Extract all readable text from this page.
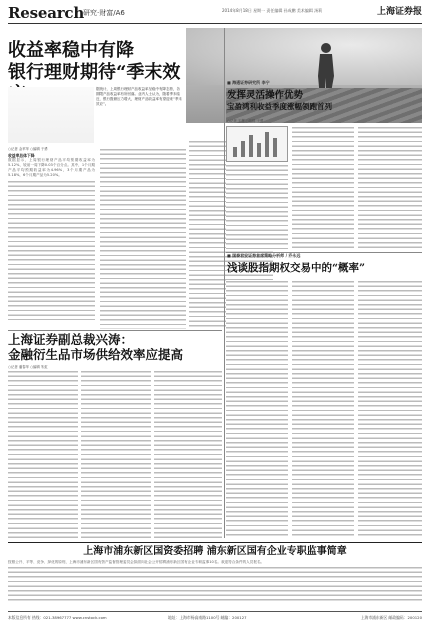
Research
研究·财富/A6	2014年8月18日 星期一 责任编辑 孙成鹏 美术编辑 汤莉	上海证券报
收益率稳中有降
银行理财期待“季末效
据统计，上周银行理财产品收益率呈稳中有降态势，各期限产品收益率有所回落。业内人士认为，随着季末临近，银行揽储压力增大，理财产品收益率有望迎来“季末效应”。
○记者 金苹苹 ○编辑 于勇
收益率总体下降
数据显示，上周银行理财产品平均预期收益率为5.12%，较前一周下降0.03个百分点。其中，1个月期产品平均预期收益率为4.96%，3个月期产品为5.18%，6个月期产品为5.20%。
■ 海通证券研究所 李宁
发挥灵活操作优势
宝盈鸿利收益季度涨幅领跑首列
○记者 王慧 ○编辑 于勇
■ 国泰君安证券首席策略分析师 / 乔永远
浅谈股指期权交易中的“概率”
上海证券副总裁兴涛：
金融衍生品市场供给效率应提高
○记者 潘春苹 ○编辑 朱虹
上海市浦东新区国资委招聘 浦东新区国有企业专职监事简章
按照公开、平等、竞争、择优的原则，上海市浦东新区国有资产监督管理委员会拟面向社会公开招聘浦东新区国有企业专职监事10名。欢迎符合条件的人员报名。
本版信息所有 热线：021-38967777 www.cnstock.com	地址：上海市杨高南路1100号 邮编：200127	上海市浦东新区 邮政编码：200120
